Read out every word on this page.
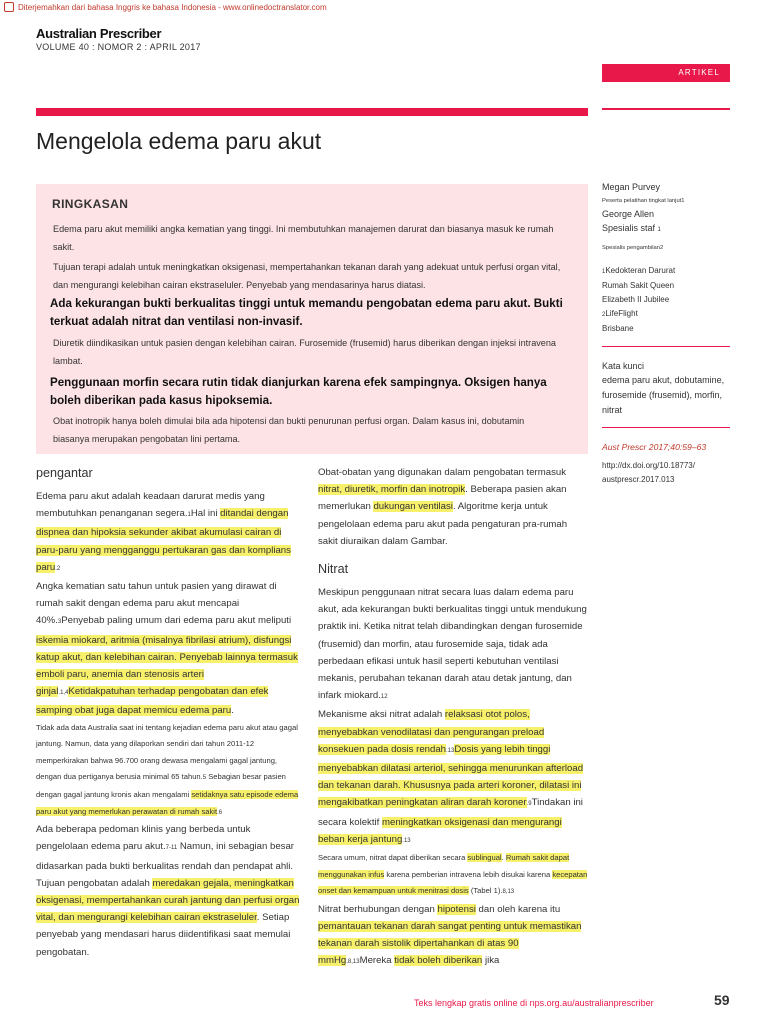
Diterjemahkan dari bahasa Inggris ke bahasa Indonesia - www.onlinedoctranslator.com
Australian Prescriber
VOLUME 40 : NOMOR 2 : APRIL 2017
ARTIKEL
Mengelola edema paru akut
RINGKASAN
Edema paru akut memiliki angka kematian yang tinggi. Ini membutuhkan manajemen darurat dan biasanya masuk ke rumah sakit.
Tujuan terapi adalah untuk meningkatkan oksigenasi, mempertahankan tekanan darah yang adekuat untuk perfusi organ vital, dan mengurangi kelebihan cairan ekstraseluler. Penyebab yang mendasarinya harus diatasi.
Ada kekurangan bukti berkualitas tinggi untuk memandu pengobatan edema paru akut. Bukti terkuat adalah nitrat dan ventilasi non-invasif.
Diuretik diindikasikan untuk pasien dengan kelebihan cairan. Furosemide (frusemid) harus diberikan dengan injeksi intravena lambat.
Penggunaan morfin secara rutin tidak dianjurkan karena efek sampingnya. Oksigen hanya boleh diberikan pada kasus hipoksemia.
Obat inotropik hanya boleh dimulai bila ada hipotensi dan bukti penurunan perfusi organ. Dalam kasus ini, dobutamin biasanya merupakan pengobatan lini pertama.
pengantar

Edema paru akut adalah keadaan darurat medis yang membutuhkan penanganan segera.1Hal ini ditandai dengan dispnea dan hipoksia sekunder akibat akumulasi cairan di paru-paru yang mengganggu pertukaran gas dan komplians paru.2

Angka kematian satu tahun untuk pasien yang dirawat di rumah sakit dengan edema paru akut mencapai 40%.3Penyebab paling umum dari edema paru akut meliputi iskemia miokard, aritmia (misalnya fibrilasi atrium), disfungsi katup akut, dan kelebihan cairan. Penyebab lainnya termasuk emboli paru, anemia dan stenosis arteri ginjal.1,4Ketidakpatuhan terhadap pengobatan dan efek samping obat juga dapat memicu edema paru.

Tidak ada data Australia saat ini tentang kejadian edema paru akut atau gagal jantung. Namun, data yang dilaporkan sendiri dari tahun 2011-12 memperkirakan bahwa 96.700 orang dewasa mengalami gagal jantung, dengan dua pertiganya berusia minimal 65 tahun.5 Sebagian besar pasien dengan gagal jantung kronis akan mengalami setidaknya satu episode edema paru akut yang memerlukan perawatan di rumah sakit.6

Ada beberapa pedoman klinis yang berbeda untuk pengelolaan edema paru akut.7-11 Namun, ini sebagian besar didasarkan pada bukti berkualitas rendah dan pendapat ahli. Tujuan pengobatan adalah meredakan gejala, meningkatkan oksigenasi, mempertahankan curah jantung dan perfusi organ vital, dan mengurangi kelebihan cairan ekstraseluler. Setiap penyebab yang mendasari harus diidentifikasi saat memulai pengobatan.

Obat-obatan yang digunakan dalam pengobatan termasuk nitrat, diuretik, morfin dan inotropik. Beberapa pasien akan memerlukan dukungan ventilasi. Algoritme kerja untuk pengelolaan edema paru akut pada pengaturan pra-rumah sakit diuraikan dalam Gambar.

Nitrat

Meskipun penggunaan nitrat secara luas dalam edema paru akut, ada kekurangan bukti berkualitas tinggi untuk mendukung praktik ini. Ketika nitrat telah dibandingkan dengan furosemide (frusemid) dan morfin, atau furosemide saja, tidak ada perbedaan efikasi untuk hasil seperti kebutuhan ventilasi mekanis, perubahan tekanan darah atau detak jantung, dan infark miokard.12

Mekanisme aksi nitrat adalah relaksasi otot polos, menyebabkan venodilatasi dan pengurangan preload konsekuen pada dosis rendah.13Dosis yang lebih tinggi menyebabkan dilatasi arteriol, sehingga menurunkan afterload dan tekanan darah. Khususnya pada arteri koroner, dilatasi ini mengakibatkan peningkatan aliran darah koroner.9Tindakan ini secara kolektif meningkatkan oksigenasi dan mengurangi beban kerja jantung.13

Secara umum, nitrat dapat diberikan secara sublingual. Rumah sakit dapat menggunakan infus karena pemberian intravena lebih disukai karena kecepatan onset dan kemampuan untuk menitrasi dosis (Tabel 1).8,13

Nitrat berhubungan dengan hipotensi dan oleh karena itu pemantauan tekanan darah sangat penting untuk memastikan tekanan darah sistolik dipertahankan di atas 90 mmHg.8,13Mereka tidak boleh diberikan jika

Megan Purvey
Peserta pelatihan tingkat lanjut1
George Allen
Spesialis staf 1
Spesialis pengambilan2
1Kedokteran Darurat
Rumah Sakit Queen
Elizabeth II Jubilee
2LifeFlight
Brisbane
Kata kunci
edema paru akut, dobutamine, furosemide (frusemid), morfin, nitrat
Aust Prescr 2017;40:59–63
http://dx.doi.org/10.18773/ austprescr.2017.013
Teks lengkap gratis online di nps.org.au/australianprescriber	59
